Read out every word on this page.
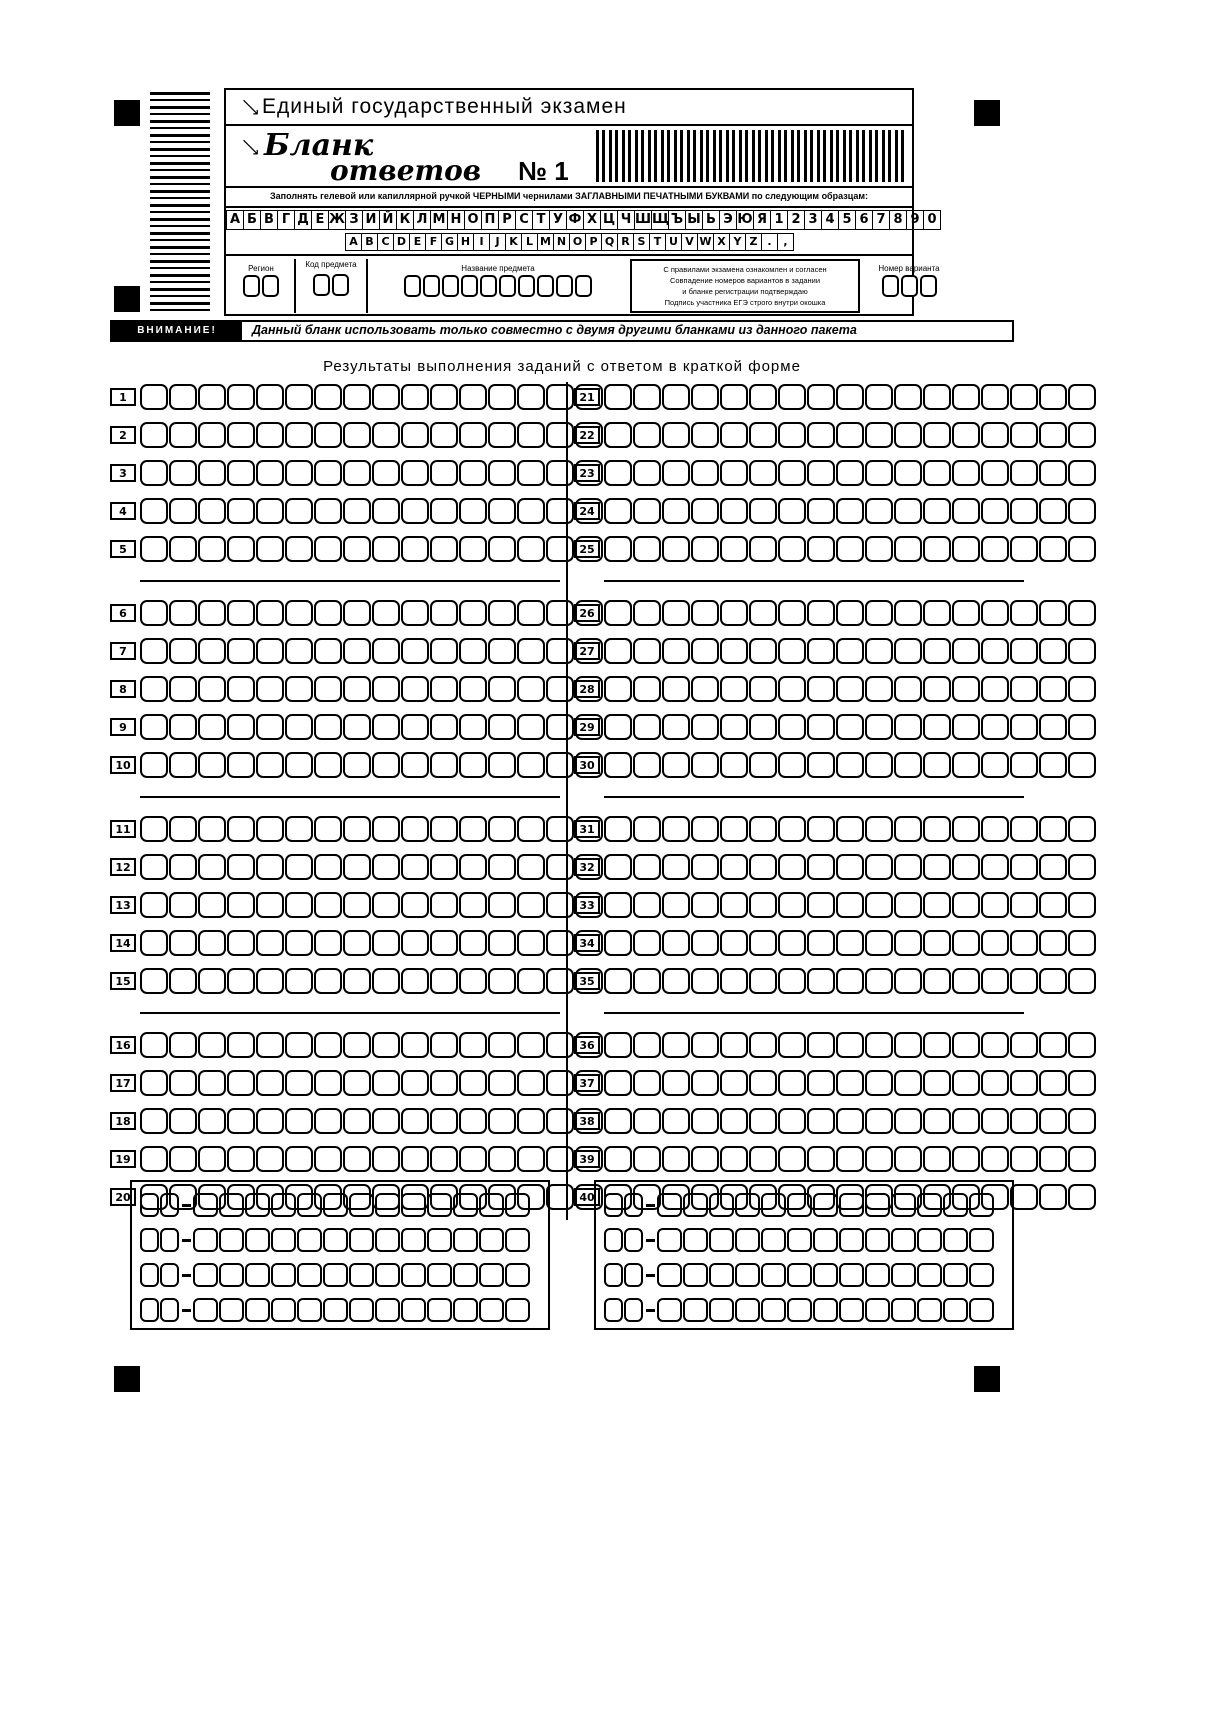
⟶
Единый государственный экзамен
⟶ Бланк
ответов № 1
Заполнять гелевой или капиллярной ручкой ЧЕРНЫМИ чернилами ЗАГЛАВНЫМИ ПЕЧАТНЫМИ БУКВАМИ по следующим образцам:
А Б В Г Д Е Ж З И Й К Л М Н О П Р С Т У Ф Х Ц Ч ШЩ Ъ Ы Ь Э Ю Я 1 2 3 4 5 6 7 8 9 0
A B C D E F G H I J K L M N O P Q R S T U V W X Y Z . ,
Регион	Код предмета	Название предмета	С правилами экзамена ознакомлен и согласен
Совпадение номеров вариантов в задании
и бланке регистрации подтверждаю
Подпись участника ЕГЭ строго внутри окошка
Номер варианта
ВНИМАНИЕ!	Данный бланк использовать только совместно с двумя другими бланками из данного пакета
Результаты выполнения заданий с ответом в краткой форме
1	21
2	22
3	23
4	24
5	25
6	26
7	27
8	28
9	29
10	30
11	31
12	32
13	33
14	34
15	35
16	36
17	37
18	38
19	39
20	40
